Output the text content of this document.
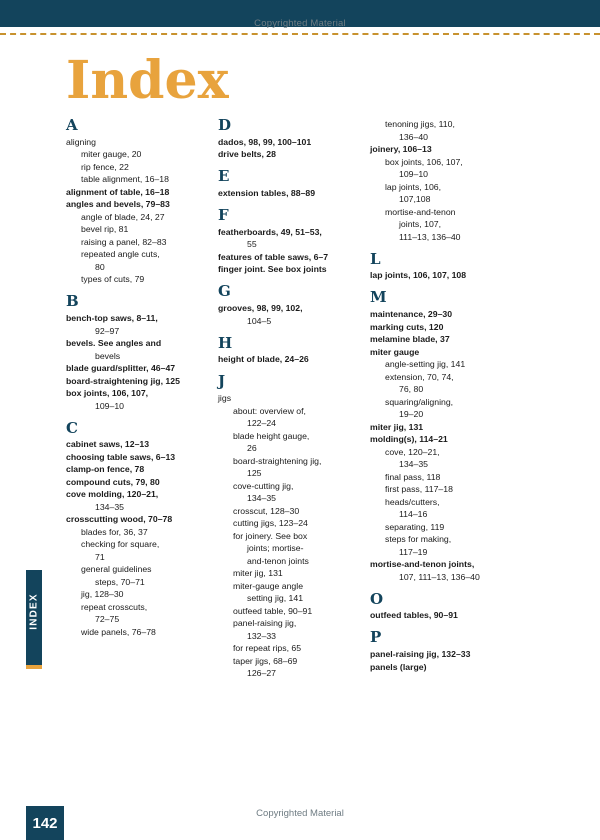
Copyrighted Material
INDEX
Index
A
aligning
miter gauge, 20
rip fence, 22
table alignment, 16–18
alignment of table, 16–18
angles and bevels, 79–83
angle of blade, 24, 27
bevel rip, 81
raising a panel, 82–83
repeated angle cuts,
80
types of cuts, 79
B
bench-top saws, 8–11,
92–97
bevels. See angles and
bevels
blade guard/splitter, 46–47
board-straightening jig, 125
box joints, 106, 107,
109–10
C
cabinet saws, 12–13
choosing table saws, 6–13
clamp-on fence, 78
compound cuts, 79, 80
cove molding, 120–21,
134–35
crosscutting wood, 70–78
blades for, 36, 37
checking for square,
71
general guidelines
steps, 70–71
jig, 128–30
repeat crosscuts,
72–75
wide panels, 76–78
D
dados, 98, 99, 100–101
drive belts, 28
E
extension tables, 88–89
F
featherboards, 49, 51–53,
55
features of table saws, 6–7
finger joint. See box joints
G
grooves, 98, 99, 102,
104–5
H
height of blade, 24–26
J
jigs
about: overview of,
122–24
blade height gauge,
26
board-straightening jig,
125
cove-cutting jig,
134–35
crosscut, 128–30
cutting jigs, 123–24
for joinery. See box
joints; mortise-
and-tenon joints
miter jig, 131
miter-gauge angle
setting jig, 141
outfeed table, 90–91
panel-raising jig,
132–33
for repeat rips, 65
taper jigs, 68–69
126–27
tenoning jigs, 110,
136–40
joinery, 106–13
box joints, 106, 107,
109–10
lap joints, 106,
107,108
mortise-and-tenon
joints, 107,
111–13, 136–40
L
lap joints, 106, 107, 108
M
maintenance, 29–30
marking cuts, 120
melamine blade, 37
miter gauge
angle-setting jig, 141
extension, 70, 74,
76, 80
squaring/aligning,
19–20
miter jig, 131
molding(s), 114–21
cove, 120–21,
134–35
final pass, 118
first pass, 117–18
heads/cutters,
114–16
separating, 119
steps for making,
117–19
mortise-and-tenon joints,
107, 111–13, 136–40
O
outfeed tables, 90–91
P
panel-raising jig, 132–33
panels (large)
142
Copyrighted Material
